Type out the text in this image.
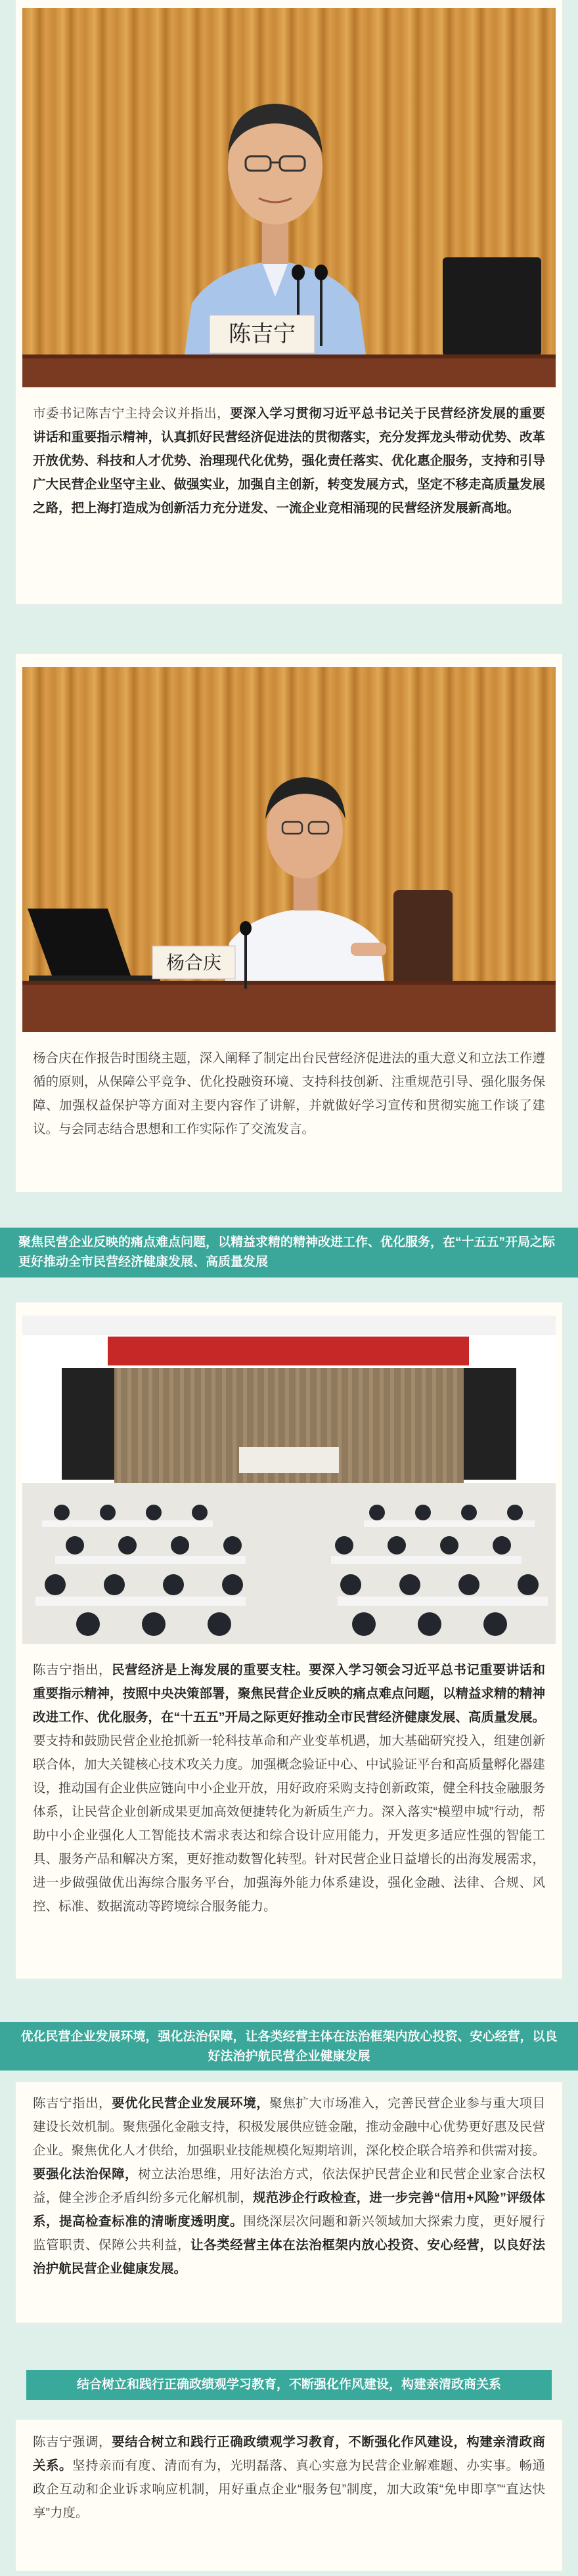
陈吉宁
市委书记陈吉宁主持会议并指出，要深入学习贯彻习近平总书记关于民营经济发展的重要讲话和重要指示精神，认真抓好民营经济促进法的贯彻落实，充分发挥龙头带动优势、改革开放优势、科技和人才优势、治理现代化优势，强化责任落实、优化惠企服务，支持和引导广大民营企业坚守主业、做强实业，加强自主创新，转变发展方式，坚定不移走高质量发展之路，把上海打造成为创新活力充分迸发、一流企业竞相涌现的民营经济发展新高地。
杨合庆
杨合庆在作报告时围绕主题，深入阐释了制定出台民营经济促进法的重大意义和立法工作遵循的原则，从保障公平竞争、优化投融资环境、支持科技创新、注重规范引导、强化服务保障、加强权益保护等方面对主要内容作了讲解，并就做好学习宣传和贯彻实施工作谈了建议。与会同志结合思想和工作实际作了交流发言。
聚焦民营企业反映的痛点难点问题，以精益求精的精神改进工作、优化服务，在“十五五”开局之际更好推动全市民营经济健康发展、高质量发展
陈吉宁指出，民营经济是上海发展的重要支柱。要深入学习领会习近平总书记重要讲话和重要指示精神，按照中央决策部署，聚焦民营企业反映的痛点难点问题，以精益求精的精神改进工作、优化服务，在“十五五”开局之际更好推动全市民营经济健康发展、高质量发展。要支持和鼓励民营企业抢抓新一轮科技革命和产业变革机遇，加大基础研究投入，组建创新联合体，加大关键核心技术攻关力度。加强概念验证中心、中试验证平台和高质量孵化器建设，推动国有企业供应链向中小企业开放，用好政府采购支持创新政策，健全科技金融服务体系，让民营企业创新成果更加高效便捷转化为新质生产力。深入落实“模塑申城”行动，帮助中小企业强化人工智能技术需求表达和综合设计应用能力，开发更多适应性强的智能工具、服务产品和解决方案，更好推动数智化转型。针对民营企业日益增长的出海发展需求，进一步做强做优出海综合服务平台，加强海外能力体系建设，强化金融、法律、合规、风控、标准、数据流动等跨境综合服务能力。
优化民营企业发展环境，强化法治保障，让各类经营主体在法治框架内放心投资、安心经营，以良好法治护航民营企业健康发展
陈吉宁指出，要优化民营企业发展环境，聚焦扩大市场准入，完善民营企业参与重大项目建设长效机制。聚焦强化金融支持，积极发展供应链金融，推动金融中心优势更好惠及民营企业。聚焦优化人才供给，加强职业技能规模化短期培训，深化校企联合培养和供需对接。要强化法治保障，树立法治思维，用好法治方式，依法保护民营企业和民营企业家合法权益，健全涉企矛盾纠纷多元化解机制，规范涉企行政检查，进一步完善“信用+风险”评级体系，提高检查标准的清晰度透明度。围绕深层次问题和新兴领域加大探索力度，更好履行监管职责、保障公共利益，让各类经营主体在法治框架内放心投资、安心经营，以良好法治护航民营企业健康发展。
结合树立和践行正确政绩观学习教育，不断强化作风建设，构建亲清政商关系
陈吉宁强调，要结合树立和践行正确政绩观学习教育，不断强化作风建设，构建亲清政商关系。坚持亲而有度、清而有为，光明磊落、真心实意为民营企业解难题、办实事。畅通政企互动和企业诉求响应机制，用好重点企业“服务包”制度，加大政策“免申即享”“直达快享”力度。
